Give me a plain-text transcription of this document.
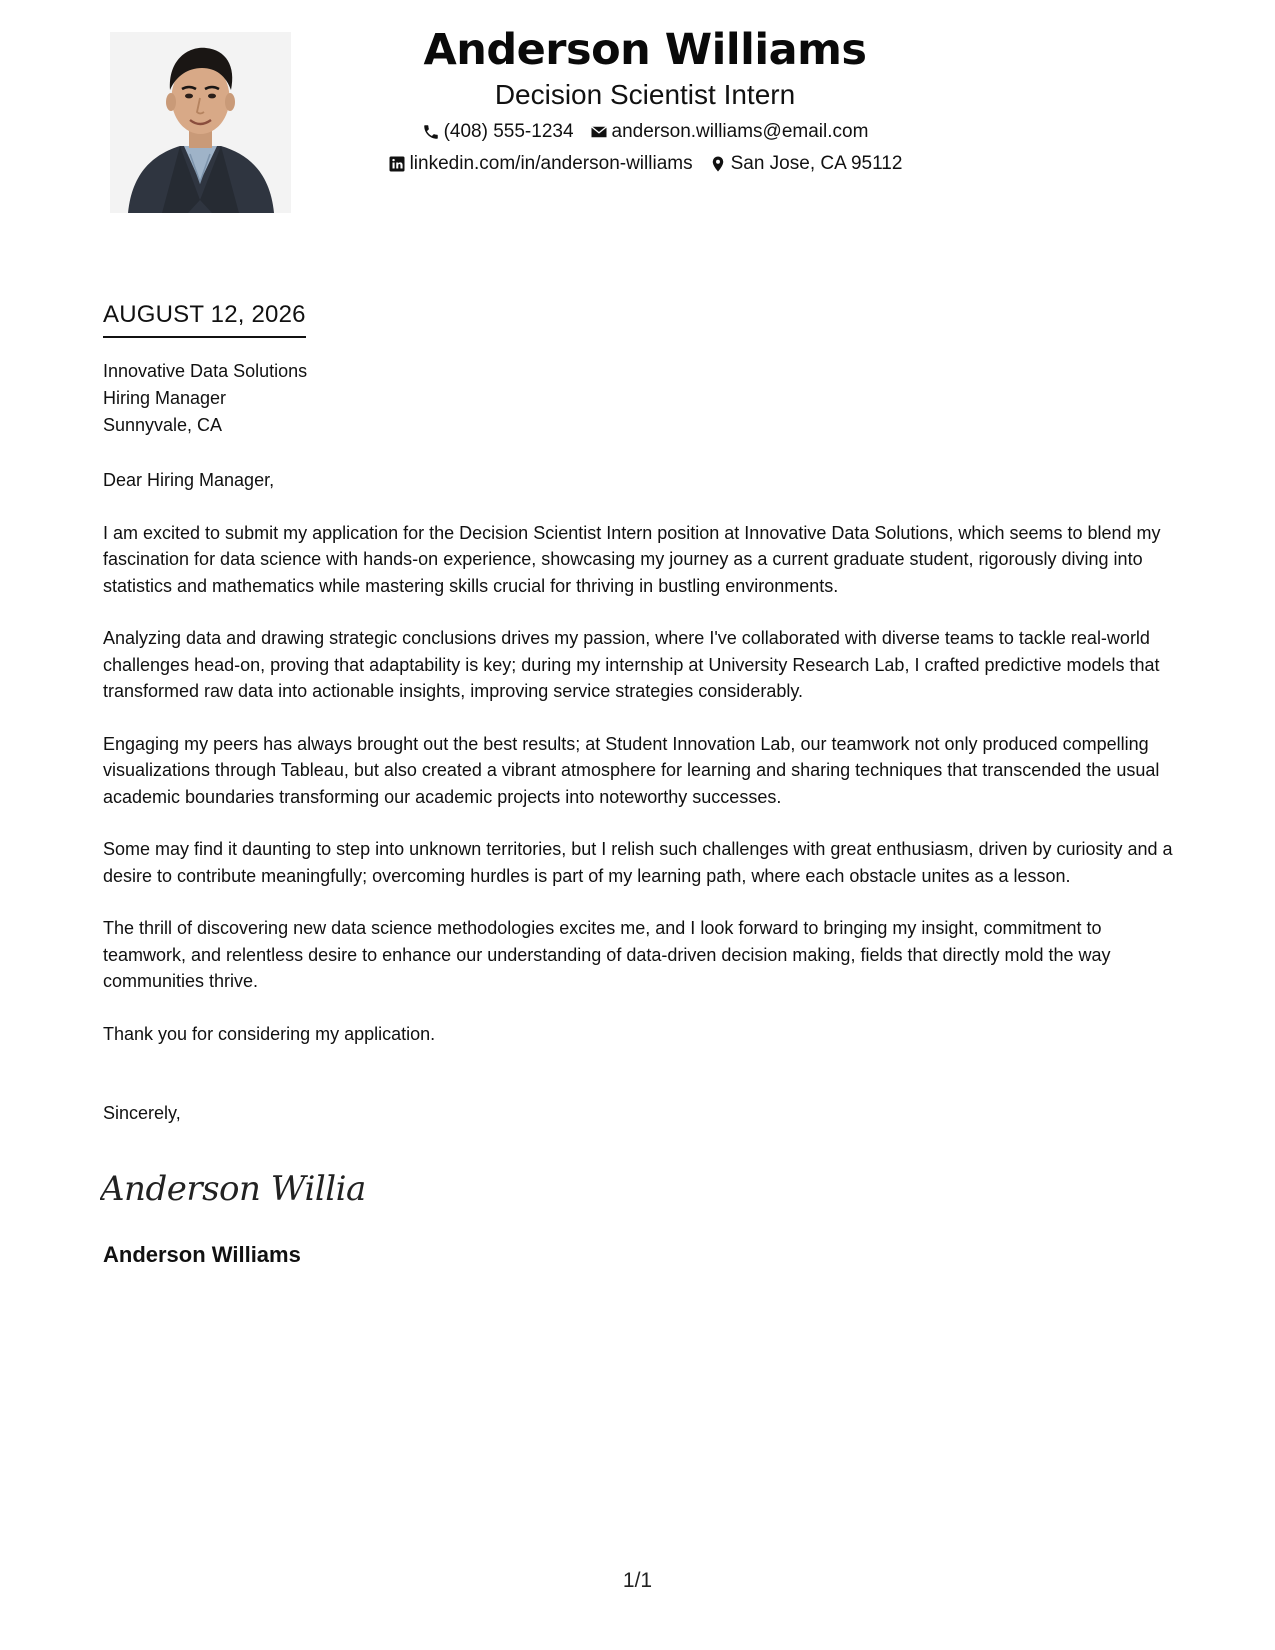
Anderson Williams
Decision Scientist Intern
(408) 555-1234 anderson.williams@email.com
linkedin.com/in/anderson-williams San Jose, CA 95112
AUGUST 12, 2026
Innovative Data Solutions
Hiring Manager
Sunnyvale, CA

Dear Hiring Manager,

I am excited to submit my application for the Decision Scientist Intern position at Innovative Data Solutions, which seems to blend my fascination for data science with hands-on experience, showcasing my journey as a current graduate student, rigorously diving into statistics and mathematics while mastering skills crucial for thriving in bustling environments.

Analyzing data and drawing strategic conclusions drives my passion, where I've collaborated with diverse teams to tackle real-world challenges head-on, proving that adaptability is key; during my internship at University Research Lab, I crafted predictive models that transformed raw data into actionable insights, improving service strategies considerably.

Engaging my peers has always brought out the best results; at Student Innovation Lab, our teamwork not only produced compelling visualizations through Tableau, but also created a vibrant atmosphere for learning and sharing techniques that transcended the usual academic boundaries transforming our academic projects into noteworthy successes.

Some may find it daunting to step into unknown territories, but I relish such challenges with great enthusiasm, driven by curiosity and a desire to contribute meaningfully; overcoming hurdles is part of my learning path, where each obstacle unites as a lesson.

The thrill of discovering new data science methodologies excites me, and I look forward to bringing my insight, commitment to teamwork, and relentless desire to enhance our understanding of data-driven decision making, fields that directly mold the way communities thrive.

Thank you for considering my application.

Sincerely,
Anderson Willia
Anderson Williams
1/1
